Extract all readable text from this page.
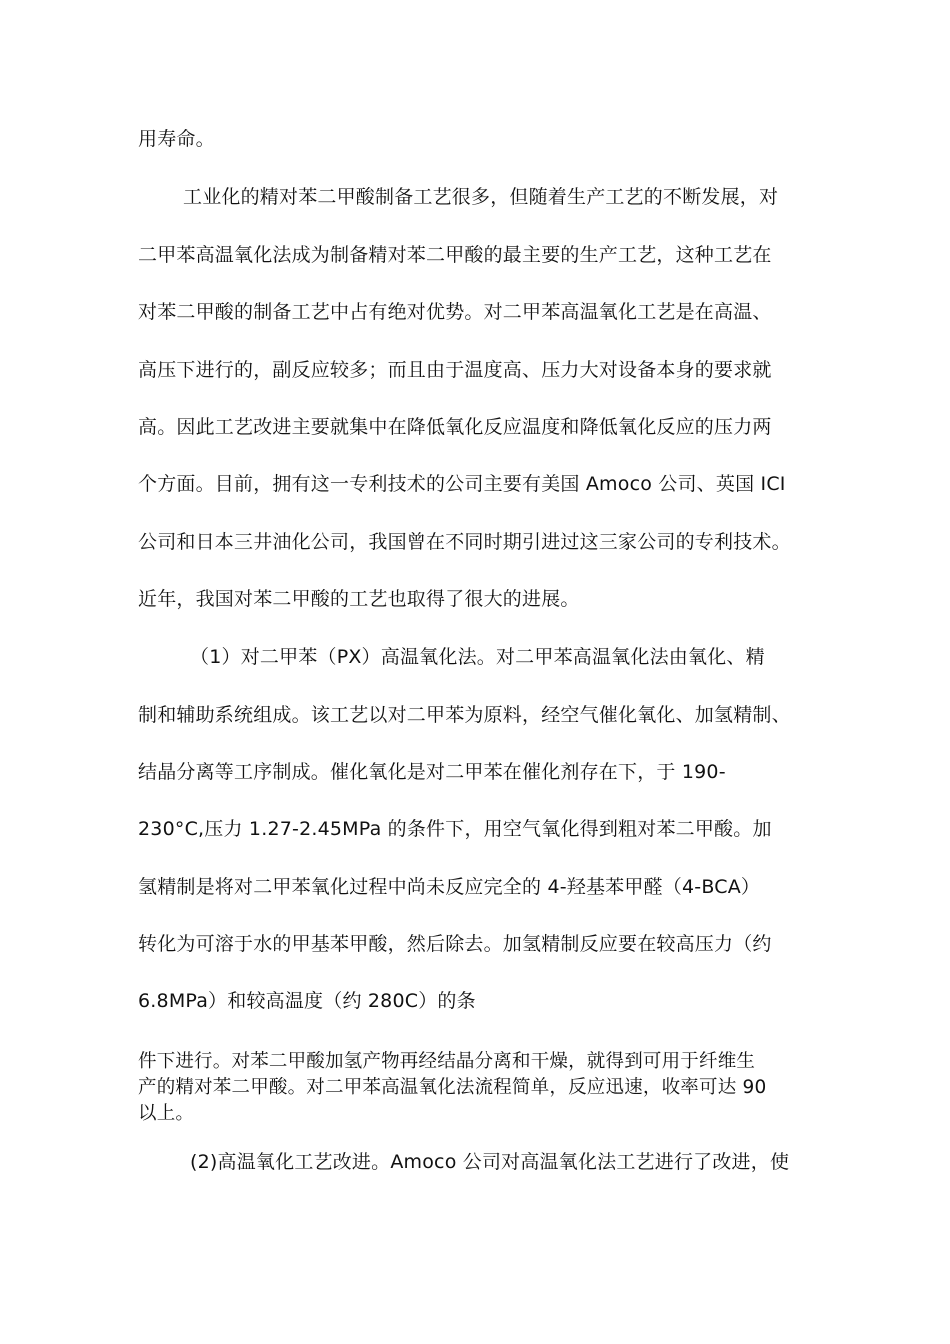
用寿命。
工业化的精对苯二甲酸制备工艺很多，但随着生产工艺的不断发展，对
二甲苯高温氧化法成为制备精对苯二甲酸的最主要的生产工艺，这种工艺在
对苯二甲酸的制备工艺中占有绝对优势。对二甲苯高温氧化工艺是在高温、
高压下进行的，副反应较多；而且由于温度高、压力大对设备本身的要求就
高。因此工艺改进主要就集中在降低氧化反应温度和降低氧化反应的压力两
个方面。目前，拥有这一专利技术的公司主要有美国 Amoco 公司、英国 ICI
公司和日本三井油化公司，我国曾在不同时期引进过这三家公司的专利技术。
近年，我国对苯二甲酸的工艺也取得了很大的进展。
（1）对二甲苯（PX）高温氧化法。对二甲苯高温氧化法由氧化、精
制和辅助系统组成。该工艺以对二甲苯为原料，经空气催化氧化、加氢精制、
结晶分离等工序制成。催化氧化是对二甲苯在催化剂存在下，于 190-
230°C,压力 1.27-2.45MPa 的条件下，用空气氧化得到粗对苯二甲酸。加
氢精制是将对二甲苯氧化过程中尚未反应完全的 4-羟基苯甲醛（4-BCA）
转化为可溶于水的甲基苯甲酸，然后除去。加氢精制反应要在较高压力（约
6.8MPa）和较高温度（约 280C）的条
件下进行。对苯二甲酸加氢产物再经结晶分离和干燥，就得到可用于纤维生
产的精对苯二甲酸。对二甲苯高温氧化法流程简单，反应迅速，收率可达 90
以上。
(2)高温氧化工艺改进。Amoco 公司对高温氧化法工艺进行了改进，使
